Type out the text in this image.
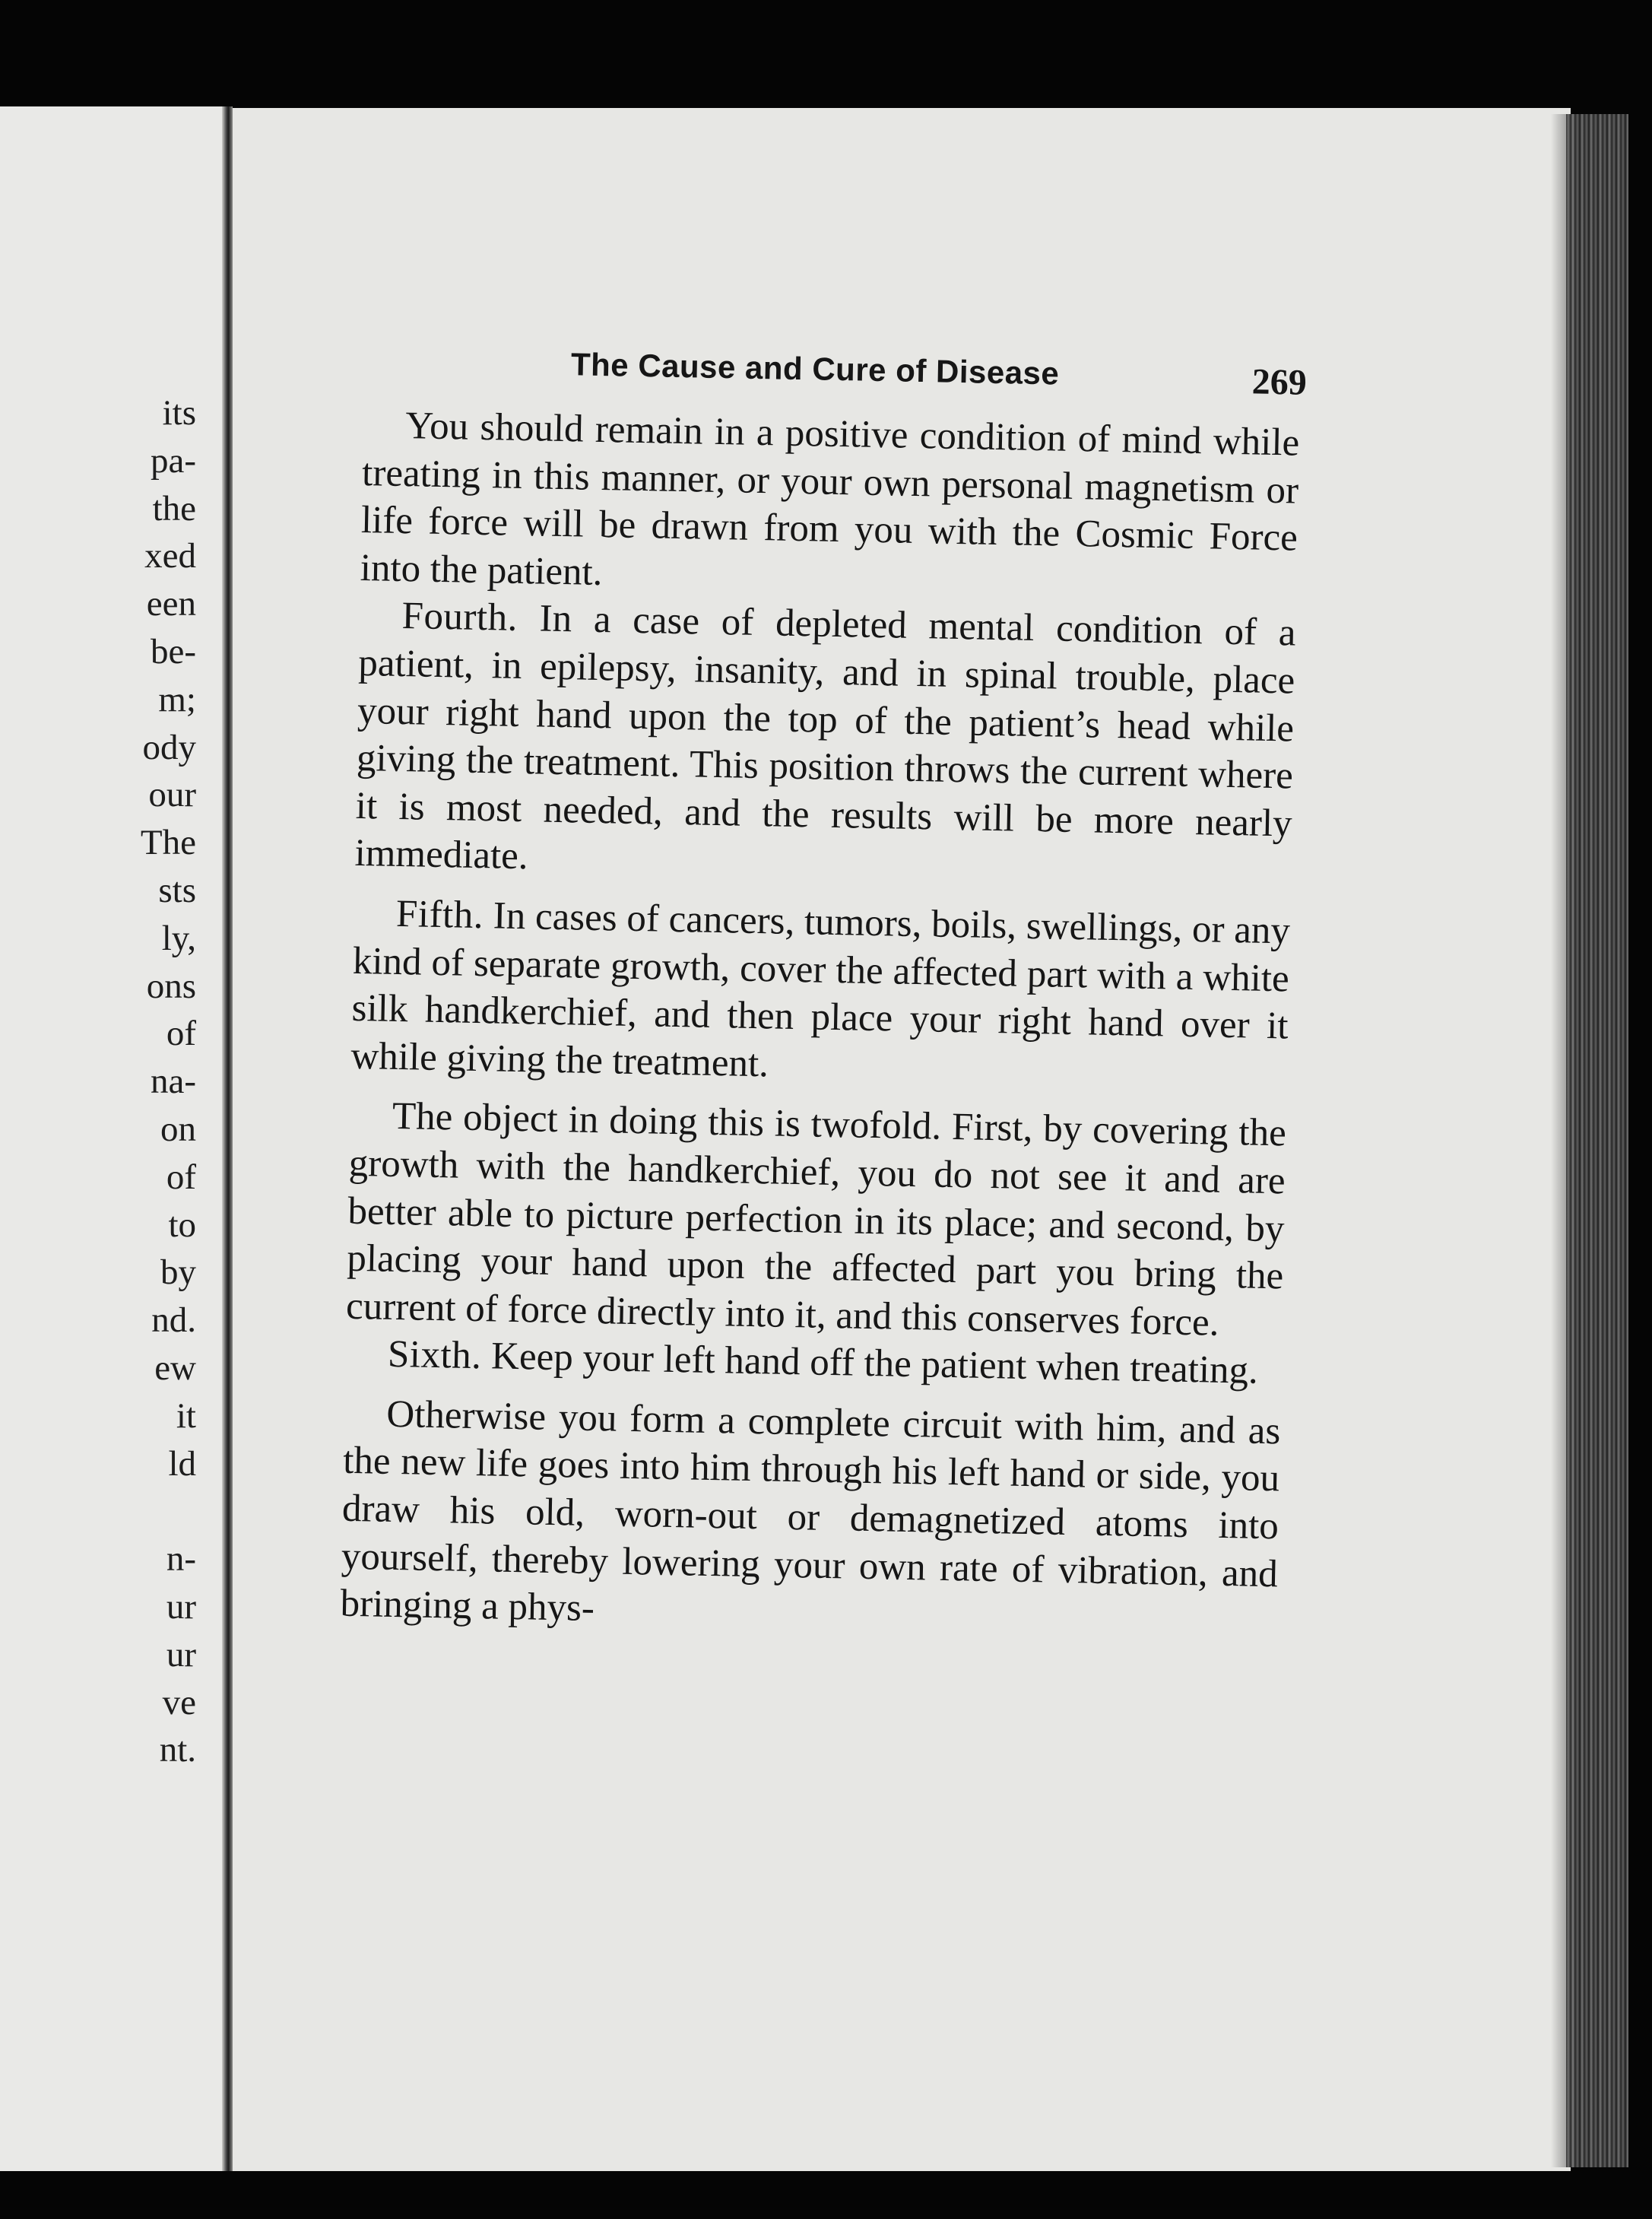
its
pa-
the
xed
een
be-
m;
ody
our
The
sts
ly,
ons
of
na-
on
of
to
by
nd.
ew
it
ld
n-
ur
ur
ve
nt.
The Cause and Cure of Disease	269

You should remain in a positive condition of mind while treating in this manner, or your own personal magnetism or life force will be drawn from you with the Cosmic Force into the patient.

Fourth. In a case of depleted mental condition of a patient, in epilepsy, insanity, and in spinal trouble, place your right hand upon the top of the patient’s head while giving the treatment. This position throws the current where it is most needed, and the results will be more nearly immediate.

Fifth. In cases of cancers, tumors, boils, swellings, or any kind of separate growth, cover the affected part with a white silk handkerchief, and then place your right hand over it while giving the treatment.

The object in doing this is twofold. First, by covering the growth with the handkerchief, you do not see it and are better able to picture perfection in its place; and second, by placing your hand upon the affected part you bring the current of force directly into it, and this conserves force.

Sixth. Keep your left hand off the patient when treating.

Otherwise you form a complete circuit with him, and as the new life goes into him through his left hand or side, you draw his old, worn-out or demagnetized atoms into yourself, thereby lowering your own rate of vibration, and bringing a phys-
